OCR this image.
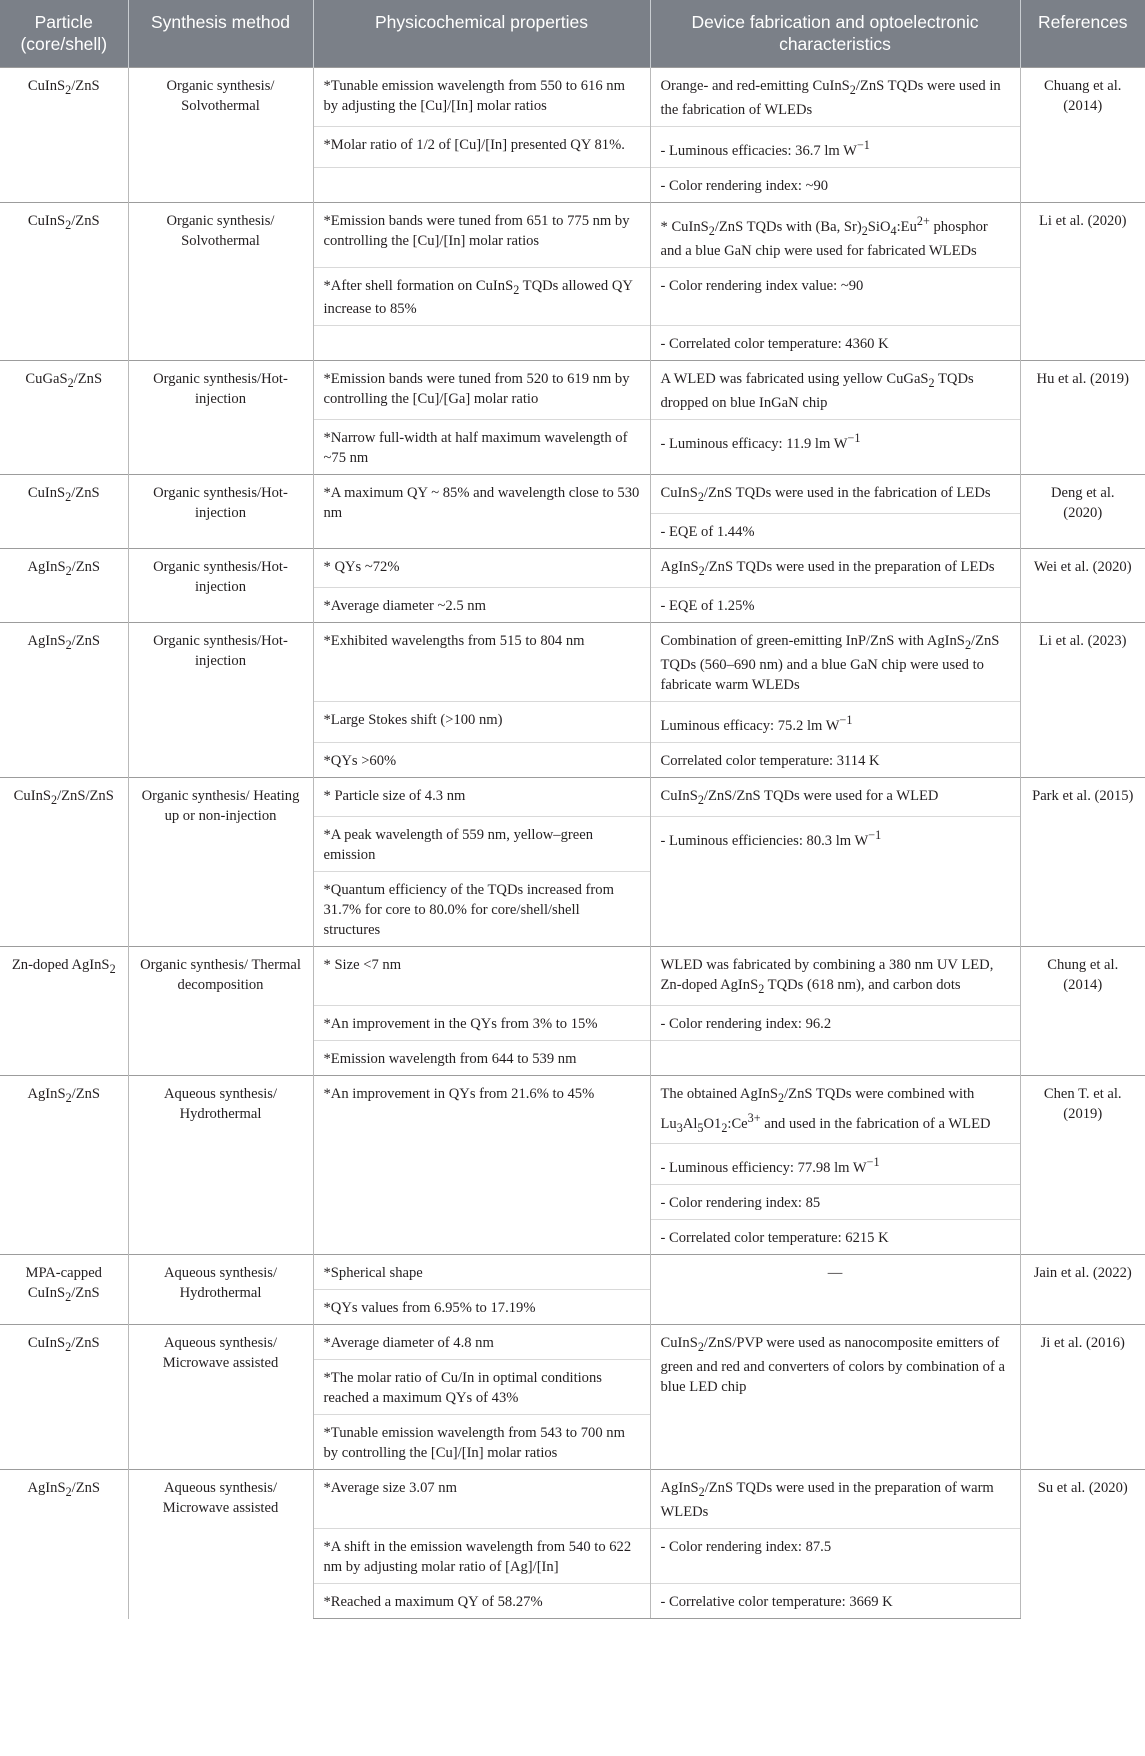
Particle (core/shell)	Synthesis method	Physicochemical properties	Device fabrication and optoelectronic characteristics	References
CuInS$_2$/ZnS	Organic synthesis/ Solvothermal	*Tunable emission wavelength from 550 to 616 nm by adjusting the [Cu]/[In] molar ratios	Orange- and red-emitting CuInS$_2$/ZnS TQDs were used in the fabrication of WLEDs	Chuang et al. (2014)
		*Molar ratio of 1/2 of [Cu]/[In] presented QY 81%.	- Luminous efficacies: 36.7 lm $W^{-1}$
			- Color rendering index: ~90	
CuInS$_2$/ZnS	Organic synthesis/ Solvothermal	*Emission bands were tuned from 651 to 775 nm by controlling the [Cu]/[In] molar ratios	* CuInS$_2$/ZnS TQDs with (Ba, $Sr)_2SiO_4:Eu^{2+}$ phosphor and a blue GaN chip were used for fabricated WLEDs	Li et al. (2020)
		*After shell formation on CuInS$_2$ TQDs allowed QY increase to 85%	- Color rendering index value: ~90	
			- Correlated color temperature: 4360 K	
CuGaS$_2$/ZnS	Organic synthesis/Hot-injection	*Emission bands were tuned from 520 to 619 nm by controlling the [Cu]/[Ga] molar ratio	A WLED was fabricated using yellow CuGaS$_2$ TQDs dropped on blue InGaN chip	Hu et al. (2019)
		*Narrow full-width at half maximum wavelength of ~75 nm	- Luminous efficacy: 11.9 lm $W^{-1}$
CuInS$_2$/ZnS	Organic synthesis/Hot-injection	*A maximum QY ~ 85% and wavelength close to 530 nm	CuInS$_2$/ZnS TQDs were used in the fabrication of LEDs	Deng et al. (2020)
			- EQE of 1.44%	
AgInS$_2$/ZnS	Organic synthesis/Hot-injection	* QYs ~72%	AgInS$_2$/ZnS TQDs were used in the preparation of LEDs	Wei et al. (2020)
		*Average diameter ~2.5 nm	- EQE of 1.25%	
AgInS$_2$/ZnS	Organic synthesis/Hot-injection	*Exhibited wavelengths from 515 to 804 nm	Combination of green-emitting InP/ZnS with AgInS$_2$/ZnS TQDs (560–690 nm) and a blue GaN chip were used to fabricate warm WLEDs	Li et al. (2023)
		*Large Stokes shift (>100 nm)	Luminous efficacy: 75.2 lm $W^{-1}$
		*QYs >60%	Correlated color temperature: 3114 K	
CuInS$_2$/ZnS/ZnS	Organic synthesis/ Heating up or non-injection	* Particle size of 4.3 nm	CuInS$_2$/ZnS/ZnS TQDs were used for a WLED	Park et al. (2015)
		*A peak wavelength of 559 nm, yellow–green emission	- Luminous efficiencies: 80.3 lm $W^{-1}$
		*Quantum efficiency of the TQDs increased from 31.7% for core to 80.0% for core/shell/shell structures		
Zn-doped AgInS$_2$	Organic synthesis/ Thermal decomposition	* Size <7 nm	WLED was fabricated by combining a 380 nm UV LED, Zn-doped AgInS$_2$ TQDs (618 nm), and carbon dots	Chung et al. (2014)
		*An improvement in the QYs from 3% to 15%	- Color rendering index: 96.2	
		*Emission wavelength from 644 to 539 nm		
AgInS$_2$/ZnS	Aqueous synthesis/ Hydrothermal	*An improvement in QYs from 21.6% to 45%	The obtained AgInS$_2$/ZnS TQDs were combined with $Lu_3Al_5O1_2:Ce^{3+}$ and used in the fabrication of a WLED	Chen T. et al. (2019)
			- Luminous efficiency: 77.98 lm $W^{-1}$
			- Color rendering index: 85	
			- Correlated color temperature: 6215 K	
MPA-capped CuInS$_2$/ZnS	Aqueous synthesis/ Hydrothermal	*Spherical shape	—	Jain et al. (2022)
		*QYs values from 6.95% to 17.19%		
CuInS$_2$/ZnS	Aqueous synthesis/ Microwave assisted	*Average diameter of 4.8 nm	CuInS$_2$/ZnS/PVP were used as nanocomposite emitters of green and red and converters of colors by combination of a blue LED chip	Ji et al. (2016)
		*The molar ratio of Cu/In in optimal conditions reached a maximum QYs of 43%		
		*Tunable emission wavelength from 543 to 700 nm by controlling the [Cu]/[In] molar ratios		
AgInS$_2$/ZnS	Aqueous synthesis/ Microwave assisted	*Average size 3.07 nm	AgInS$_2$/ZnS TQDs were used in the preparation of warm WLEDs	Su et al. (2020)
		*A shift in the emission wavelength from 540 to 622 nm by adjusting molar ratio of [Ag]/[In]	- Color rendering index: 87.5	
		*Reached a maximum QY of 58.27%	- Correlative color temperature: 3669 K	
